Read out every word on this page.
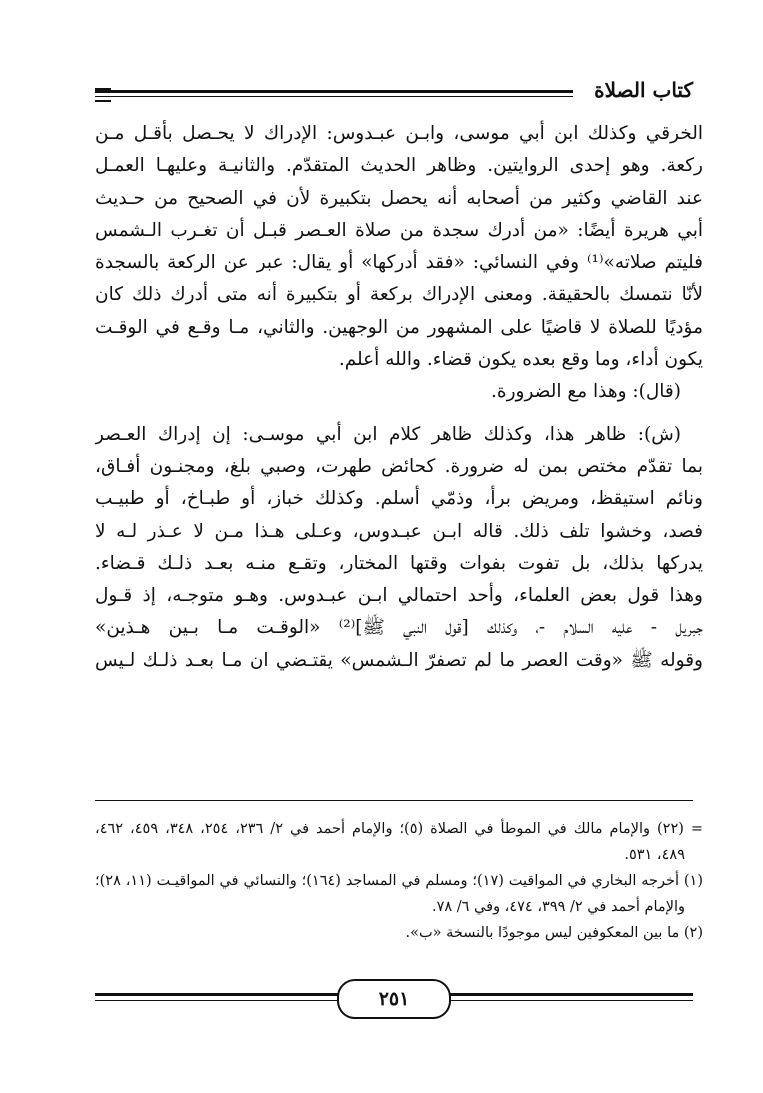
كتاب الصلاة
الخرقي وكذلك ابن أبي موسى، وابـن عبـدوس: الإدراك لا يحـصل بأقـل مـن
ركعة. وهو إحدى الروايتين. وظاهر الحديث المتقدّم. والثانيـة وعليهـا العمـل
عند القاضي وكثير من أصحابه أنه يحصل بتكبيرة لأن في الصحيح من حـديث
أبي هريرة أيضًا: «من أدرك سجدة من صلاة العـصر قبـل أن تغـرب الـشمس
فليتم صلاته»⁽¹⁾ وفي النسائي: «فقد أدركها» أو يقال: عبر عن الركعة بالسجدة
لأنّا نتمسك بالحقيقة. ومعنى الإدراك بركعة أو بتكبيرة أنه متى أدرك ذلك كان
مؤديًا للصلاة لا قاضيًا على المشهور من الوجهين. والثاني، مـا وقـع في الوقـت
يكون أداء، وما وقع بعده يكون قضاء. والله أعلم.
(قال): وهذا مع الضرورة.
(ش): ظاهر هذا، وكذلك ظاهر كلام ابن أبي موسـى: إن إدراك العـصر
بما تقدّم مختص بمن له ضرورة. كحائض طهرت، وصبي بلغ، ومجنـون أفـاق،
ونائم استيقظ، ومريض برأ، وذمّي أسلم. وكذلك خباز، أو طبـاخ، أو طبيـب
فصد، وخشوا تلف ذلك. قاله ابـن عبـدوس، وعـلى هـذا مـن لا عـذر لـه لا
يدركها بذلك، بل تفوت بفوات وقتها المختار، وتقـع منـه بعـد ذلـك قـضاء.
وهذا قول بعض العلماء، وأحد احتمالي ابـن عبـدوس. وهـو متوجـه، إذ قـول
جبريل - عليه السلام -، وكذلك [قول النبي ﷺ]⁽²⁾ «الوقـت مـا بـين هـذين»
وقوله ﷺ «وقت العصر ما لم تصفرّ الـشمس» يقتـضي ان مـا بعـد ذلـك لـيس
= (٢٢) والإمام مالك في الموطأ في الصلاة (٥)؛ والإمام أحمد في ٢/ ٢٣٦، ٢٥٤، ٣٤٨، ٤٥٩، ٤٦٢،
٤٨٩، ٥٣١.
(١) أخرجه البخاري في المواقيت (١٧)؛ ومسلم في المساجد (١٦٤)؛ والنسائي في المواقيـت (١١، ٢٨)؛
والإمام أحمد في ٢/ ٣٩٩، ٤٧٤، وفي ٦/ ٧٨.
(٢) ما بين المعكوفين ليس موجودًا بالنسخة «ب».
٢٥١
